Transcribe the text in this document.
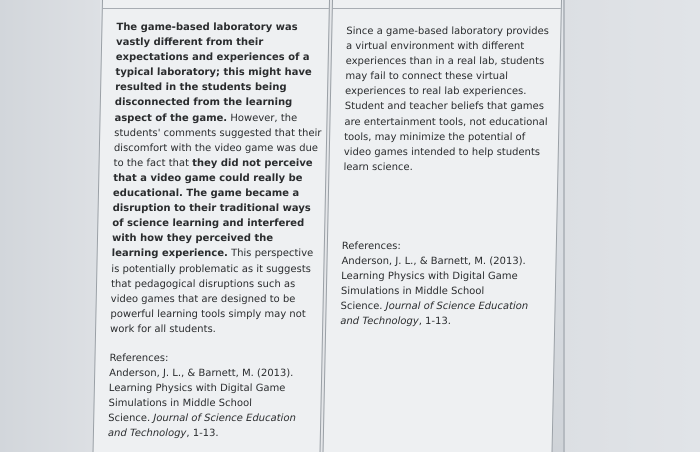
The game-based laboratory was
vastly different from their
expectations and experiences of a
typical laboratory; this might have
resulted in the students being
disconnected from the learning
aspect of the game. However, the
students' comments suggested that their
discomfort with the video game was due
to the fact that they did not perceive
that a video game could really be
educational. The game became a
disruption to their traditional ways
of science learning and interfered
with how they perceived the
learning experience. This perspective
is potentially problematic as it suggests
that pedagogical disruptions such as
video games that are designed to be
powerful learning tools simply may not
work for all students.
References:
Anderson, J. L., & Barnett, M. (2013).
Learning Physics with Digital Game
Simulations in Middle School
Science. Journal of Science Education
and Technology, 1-13.
Since a game-based laboratory provides
a virtual environment with different
experiences than in a real lab, students
may fail to connect these virtual
experiences to real lab experiences.
Student and teacher beliefs that games
are entertainment tools, not educational
tools, may minimize the potential of
video games intended to help students
learn science.
References:
Anderson, J. L., & Barnett, M. (2013).
Learning Physics with Digital Game
Simulations in Middle School
Science. Journal of Science Education
and Technology, 1-13.
